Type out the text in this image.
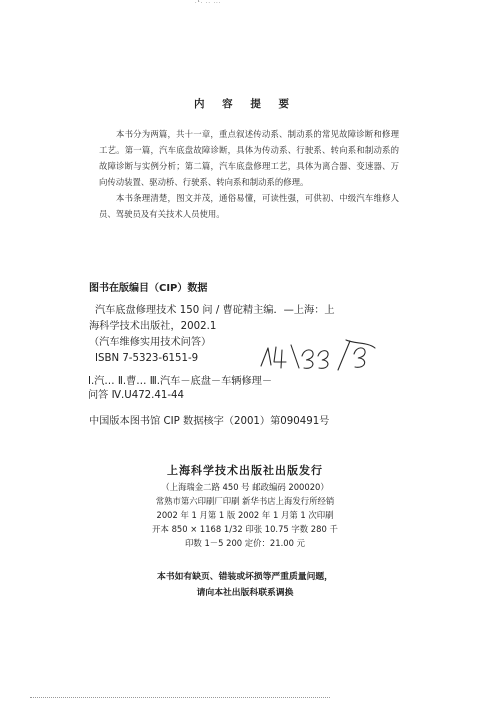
·¹· ·· ···
内 容 提 要

本书分为两篇，共十一章，重点叙述传动系、制动系的常见故障诊断和修理工艺。第一篇，汽车底盘故障诊断，具体为传动系、行驶系、转向系和制动系的故障诊断与实例分析；第二篇，汽车底盘修理工艺，具体为离合器、变速器、万向传动装置、驱动桥、行驶系、转向系和制动系的修理。

本书条理清楚，图文并茂，通俗易懂，可读性强，可供初、中级汽车维修人员、驾驶员及有关技术人员使用。

图书在版编目（CIP）数据
汽车底盘修理技术 150 问 / 曹砣精主编．—上海：上
海科学技术出版社，2002.1
（汽车维修实用技术问答）
ISBN 7-5323-6151-9
Ⅰ.汽… Ⅱ.曹… Ⅲ.汽车－底盘－车辆修理－
问答 Ⅳ.U472.41-44
中国版本图书馆 CIP 数据核字（2001）第090491号
上海科学技术出版社出版发行
（上海瑞金二路 450 号 邮政编码 200020）
常熟市第六印刷厂印刷 新华书店上海发行所经销
2002 年 1 月第 1 版 2002 年 1 月第 1 次印刷
开本 850 × 1168 1/32 印张 10.75 字数 280 千
印数 1－5 200 定价：21.00 元
本书如有缺页、错装或坏损等严重质量问题，
请向本社出版科联系调换
